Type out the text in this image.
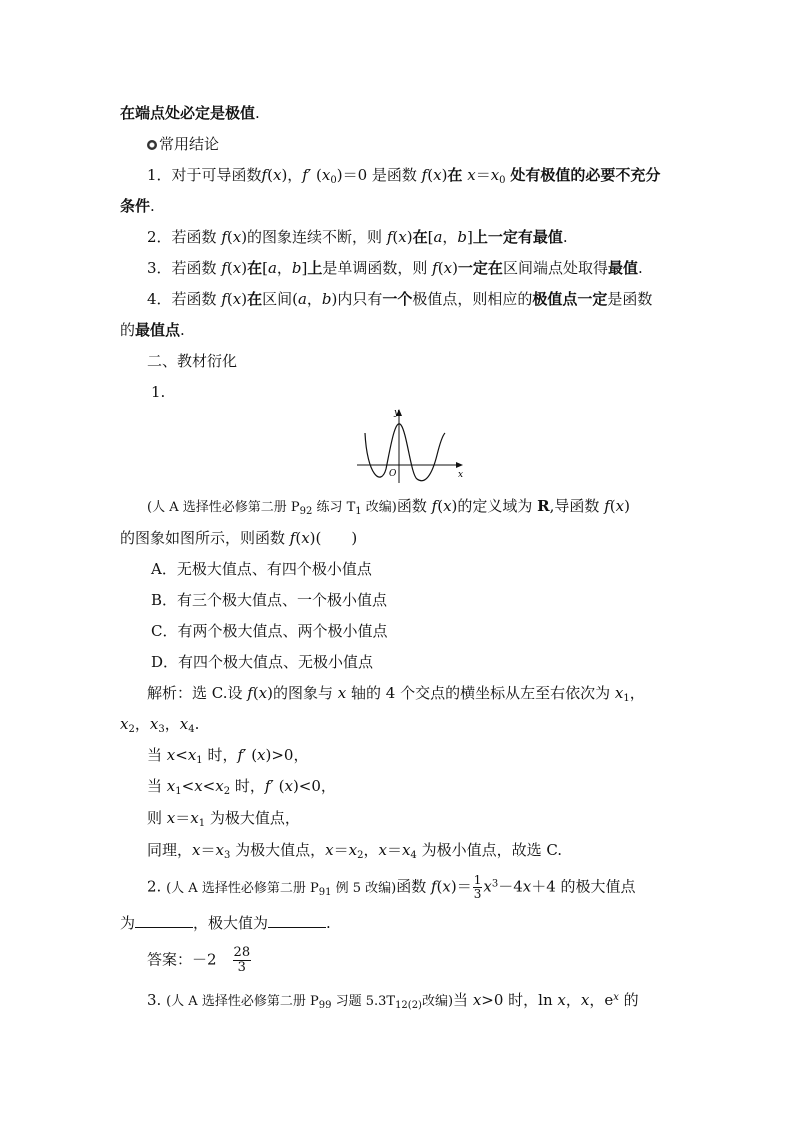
在端点处必定是极值.
常用结论
1．对于可导函数f(x)，f′ $(x_0)=0$ 是函数 f(x)在 $x=x_0$ 处有极值的必要不充分
条件.
2．若函数 f(x)的图象连续不断，则 f(x)在[a，b]上一定有最值.
3．若函数 f(x)在[a，b]上是单调函数，则 f(x)一定在区间端点处取得最值.
4．若函数 f(x)在区间(a，b)内只有一个极值点，则相应的极值点一定是函数
的最值点.
二、教材衍化
1.
y
x
O
(人 A 选择性必修第二册 $P_{92}$ 练习 $T_1$ 改编)函数 f(x)的定义域为 R,导函数 f(x)
的图象如图所示，则函数 f(x)(　　)
A．无极大值点、有四个极小值点
B．有三个极大值点、一个极小值点
C．有两个极大值点、两个极小值点
D．有四个极大值点、无极小值点
解析：选 C.设 f(x)的图象与 x 轴的 4 个交点的横坐标从左至右依次为 $x_1$，
$x_2$，$x_3$，$x_4$.
当 $x<x_1$ 时，f′ (x)>0，
当 $x_1<x<x_2$ 时，f′ (x)<0，
则 $x=x_1$ 为极大值点，
同理，$x=x_3$ 为极大值点，$x=x_2$，$x=x_4$ 为极小值点，故选 C.
2. (人 A 选择性必修第二册 $P_{91}$ 例 5 改编)函数 $f(x)= \frac{1}{3} x^3-4x+4$ 的极大值点
为	，极大值为	.
答案：－2　 $\frac{28}{3}$
3. (人 A 选择性必修第二册 $P_{99}$ 习题 $5.3T_{12(2)}$改编)当 x>0 时，ln x，x，$e^x$ 的
